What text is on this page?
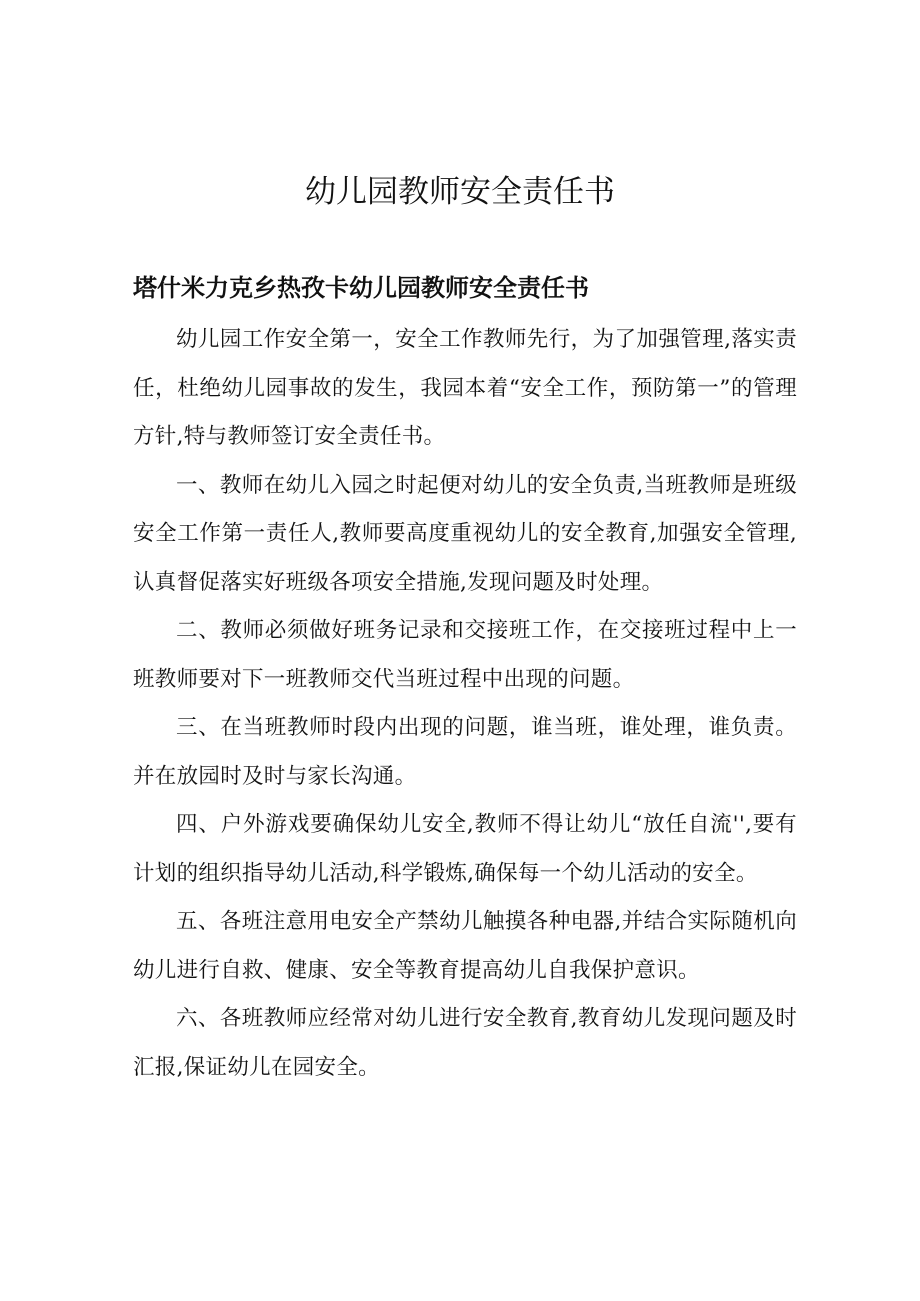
幼儿园教师安全责任书
塔什米力克乡热孜卡幼儿园教师安全责任书

幼儿园工作安全第一，安全工作教师先行，为了加强管理,落实责任，杜绝幼儿园事故的发生，我园本着“安全工作，预防第一”的管理方针,特与教师签订安全责任书。

一、教师在幼儿入园之时起便对幼儿的安全负责,当班教师是班级安全工作第一责任人,教师要高度重视幼儿的安全教育,加强安全管理,认真督促落实好班级各项安全措施,发现问题及时处理。

二、教师必须做好班务记录和交接班工作，在交接班过程中上一班教师要对下一班教师交代当班过程中出现的问题。

三、在当班教师时段内出现的问题，谁当班，谁处理，谁负责。并在放园时及时与家长沟通。

四、户外游戏要确保幼儿安全,教师不得让幼儿“放任自流'',要有计划的组织指导幼儿活动,科学锻炼,确保每一个幼儿活动的安全。

五、各班注意用电安全产禁幼儿触摸各种电器,并结合实际随机向幼儿进行自救、健康、安全等教育提高幼儿自我保护意识。

六、各班教师应经常对幼儿进行安全教育,教育幼儿发现问题及时汇报,保证幼儿在园安全。
